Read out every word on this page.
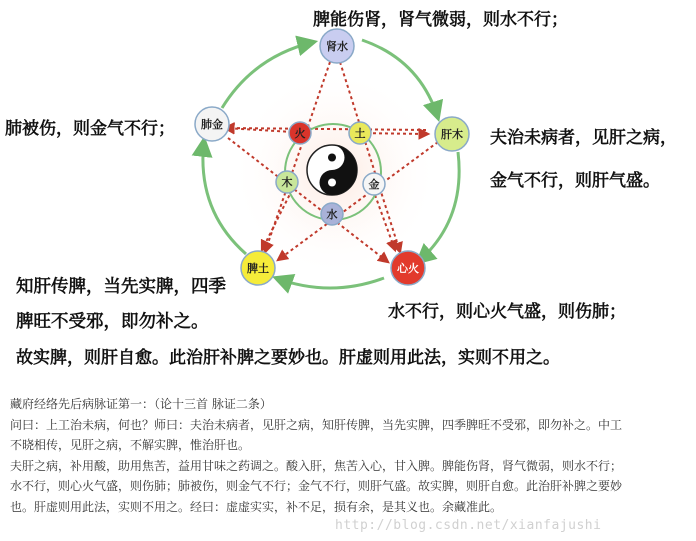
肾水
肝木
心火
脾土
肺金
火	土
金
水
木
脾能伤肾，肾气微弱，则水不行；
肺被伤，则金气不行；	夫治未病者，见肝之病，
金气不行，则肝气盛。
知肝传脾，当先实脾，四季
脾旺不受邪，即勿补之。	水不行，则心火气盛，则伤肺；
故实脾，则肝自愈。此治肝补脾之要妙也。肝虚则用此法，实则不用之。

藏府经络先后病脉证第一：（论十三首 脉证二条）

问曰：上工治未病，何也？师曰：夫治未病者，见肝之病，知肝传脾，当先实脾，四季脾旺不受邪，即勿补之。中工

不晓相传，见肝之病，不解实脾，惟治肝也。

夫肝之病，补用酸，助用焦苦，益用甘味之药调之。酸入肝，焦苦入心，甘入脾。脾能伤肾，肾气微弱，则水不行；

水不行，则心火气盛，则伤肺；肺被伤，则金气不行；金气不行，则肝气盛。故实脾，则肝自愈。此治肝补脾之要妙

也。肝虚则用此法，实则不用之。经曰：虚虚实实，补不足，损有余，是其义也。余藏准此。

http://blog.csdn.net/xianfajushi
